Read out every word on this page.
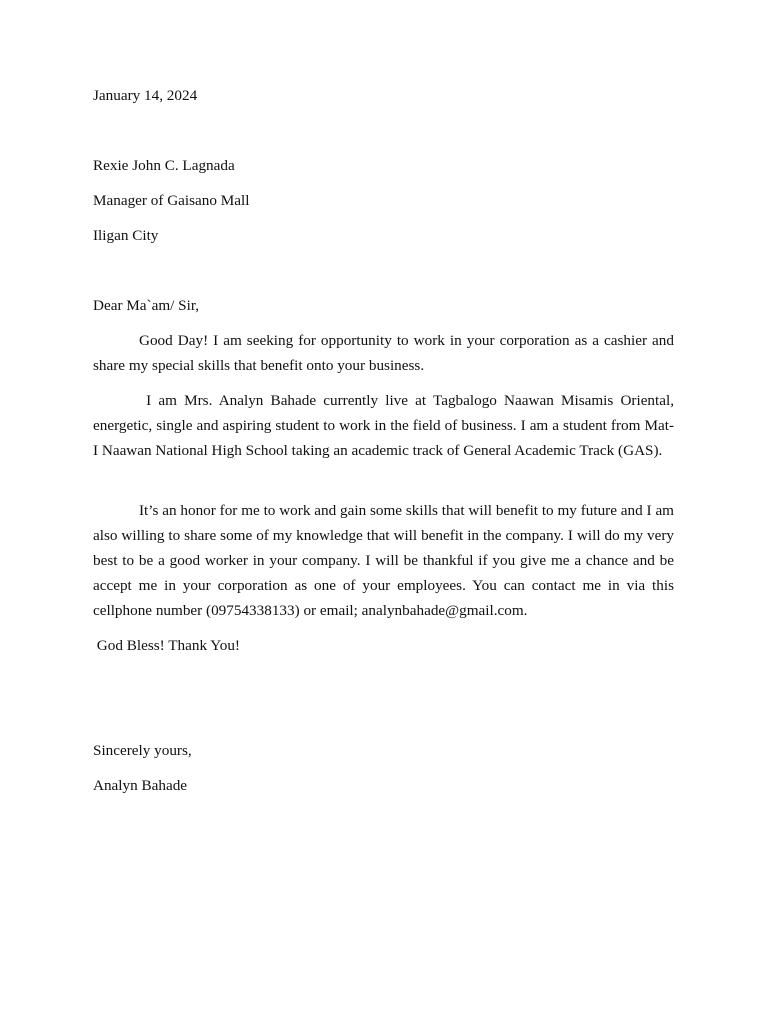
January 14, 2024
Rexie John C. Lagnada
Manager of Gaisano Mall
Iligan City
Dear Ma`am/ Sir,

Good Day! I am seeking for opportunity to work in your corporation as a cashier and share my special skills that benefit onto your business.

I am Mrs. Analyn Bahade currently live at Tagbalogo Naawan Misamis Oriental, energetic, single and aspiring student to work in the field of business. I am a student from Mat-I Naawan National High School taking an academic track of General Academic Track (GAS).

It’s an honor for me to work and gain some skills that will benefit to my future and I am also willing to share some of my knowledge that will benefit in the company. I will do my very best to be a good worker in your company. I will be thankful if you give me a chance and be accept me in your corporation as one of your employees. You can contact me in via this cellphone number (09754338133) or email; analynbahade@gmail.com.

God Bless! Thank You!
Sincerely yours,
Analyn Bahade
